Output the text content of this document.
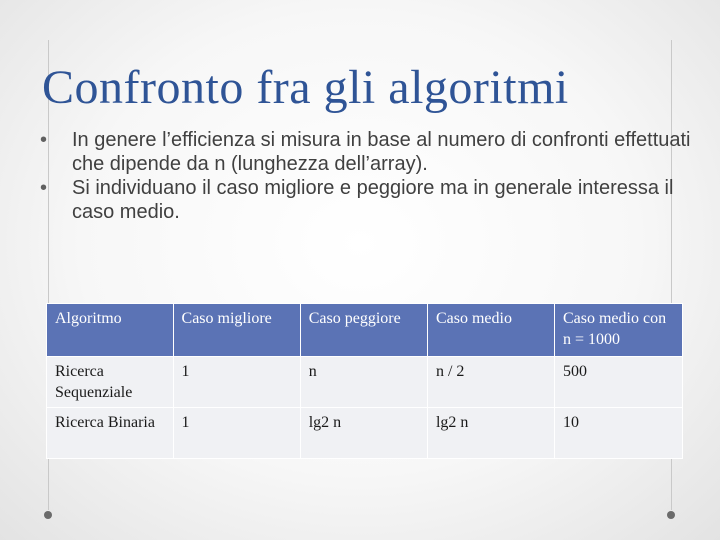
Confronto fra gli algoritmi
• In genere l’efficienza si misura in base al numero di confronti effettuati che dipende da n (lunghezza dell’array).
• Si individuano il caso migliore e peggiore ma in generale interessa il caso medio.
Algoritmo	Caso migliore	Caso peggiore	Caso medio	Caso medio con n = 1000
Ricerca Sequenziale	1	n	n / 2	500
Ricerca Binaria	1	lg2 n	lg2 n	10
